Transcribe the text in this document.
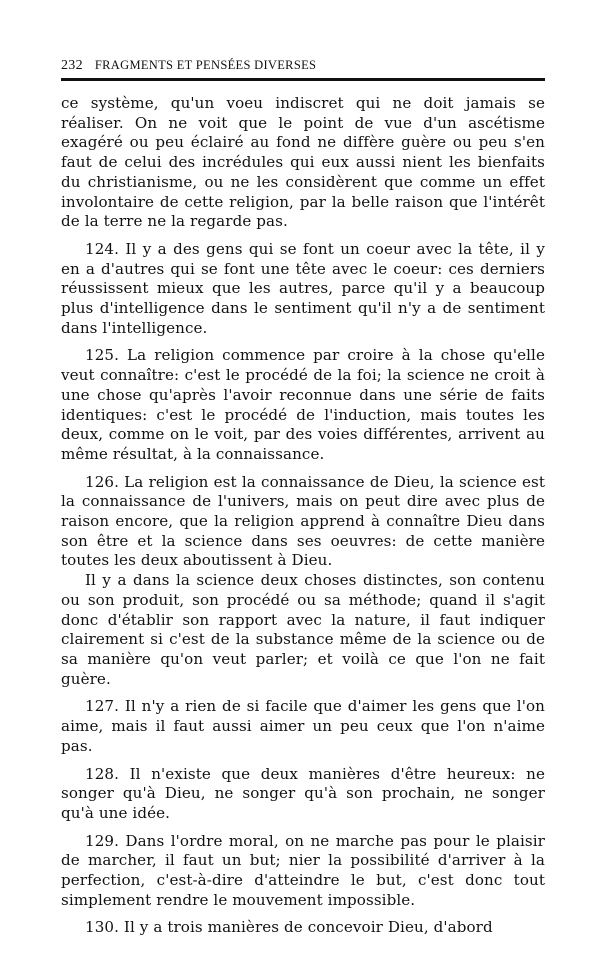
232 FRAGMENTS ET PENSÉES DIVERSES

ce système, qu'un voeu indiscret qui ne doit jamais se réaliser. On ne voit que le point de vue d'un ascétisme exagéré ou peu éclairé au fond ne diffère guère ou peu s'en faut de celui des incrédules qui eux aussi nient les bienfaits du christianisme, ou ne les considèrent que comme un effet involontaire de cette religion, par la belle raison que l'intérêt de la terre ne la regarde pas.

124. Il y a des gens qui se font un coeur avec la tête, il y en a d'autres qui se font une tête avec le coeur: ces derniers réussissent mieux que les autres, parce qu'il y a beaucoup plus d'intelligence dans le sentiment qu'il n'y a de sentiment dans l'intelligence.

125. La religion commence par croire à la chose qu'elle veut connaître: c'est le procédé de la foi; la science ne croit à une chose qu'après l'avoir reconnue dans une série de faits identiques: c'est le procédé de l'induction, mais toutes les deux, comme on le voit, par des voies différentes, arrivent au même résultat, à la connaissance.

126. La religion est la connaissance de Dieu, la science est la connaissance de l'univers, mais on peut dire avec plus de raison encore, que la religion apprend à connaître Dieu dans son être et la science dans ses oeuvres: de cette manière toutes les deux aboutissent à Dieu.

Il y a dans la science deux choses distinctes, son contenu ou son produit, son procédé ou sa méthode; quand il s'agit donc d'établir son rapport avec la nature, il faut indiquer clairement si c'est de la substance même de la science ou de sa manière qu'on veut parler; et voilà ce que l'on ne fait guère.

127. Il n'y a rien de si facile que d'aimer les gens que l'on aime, mais il faut aussi aimer un peu ceux que l'on n'aime pas.

128. Il n'existe que deux manières d'être heureux: ne songer qu'à Dieu, ne songer qu'à son prochain, ne songer qu'à une idée.

129. Dans l'ordre moral, on ne marche pas pour le plaisir de marcher, il faut un but; nier la possibilité d'arriver à la perfection, c'est-à-dire d'atteindre le but, c'est donc tout simplement rendre le mouvement impossible.

130. Il y a trois manières de concevoir Dieu, d'abord
